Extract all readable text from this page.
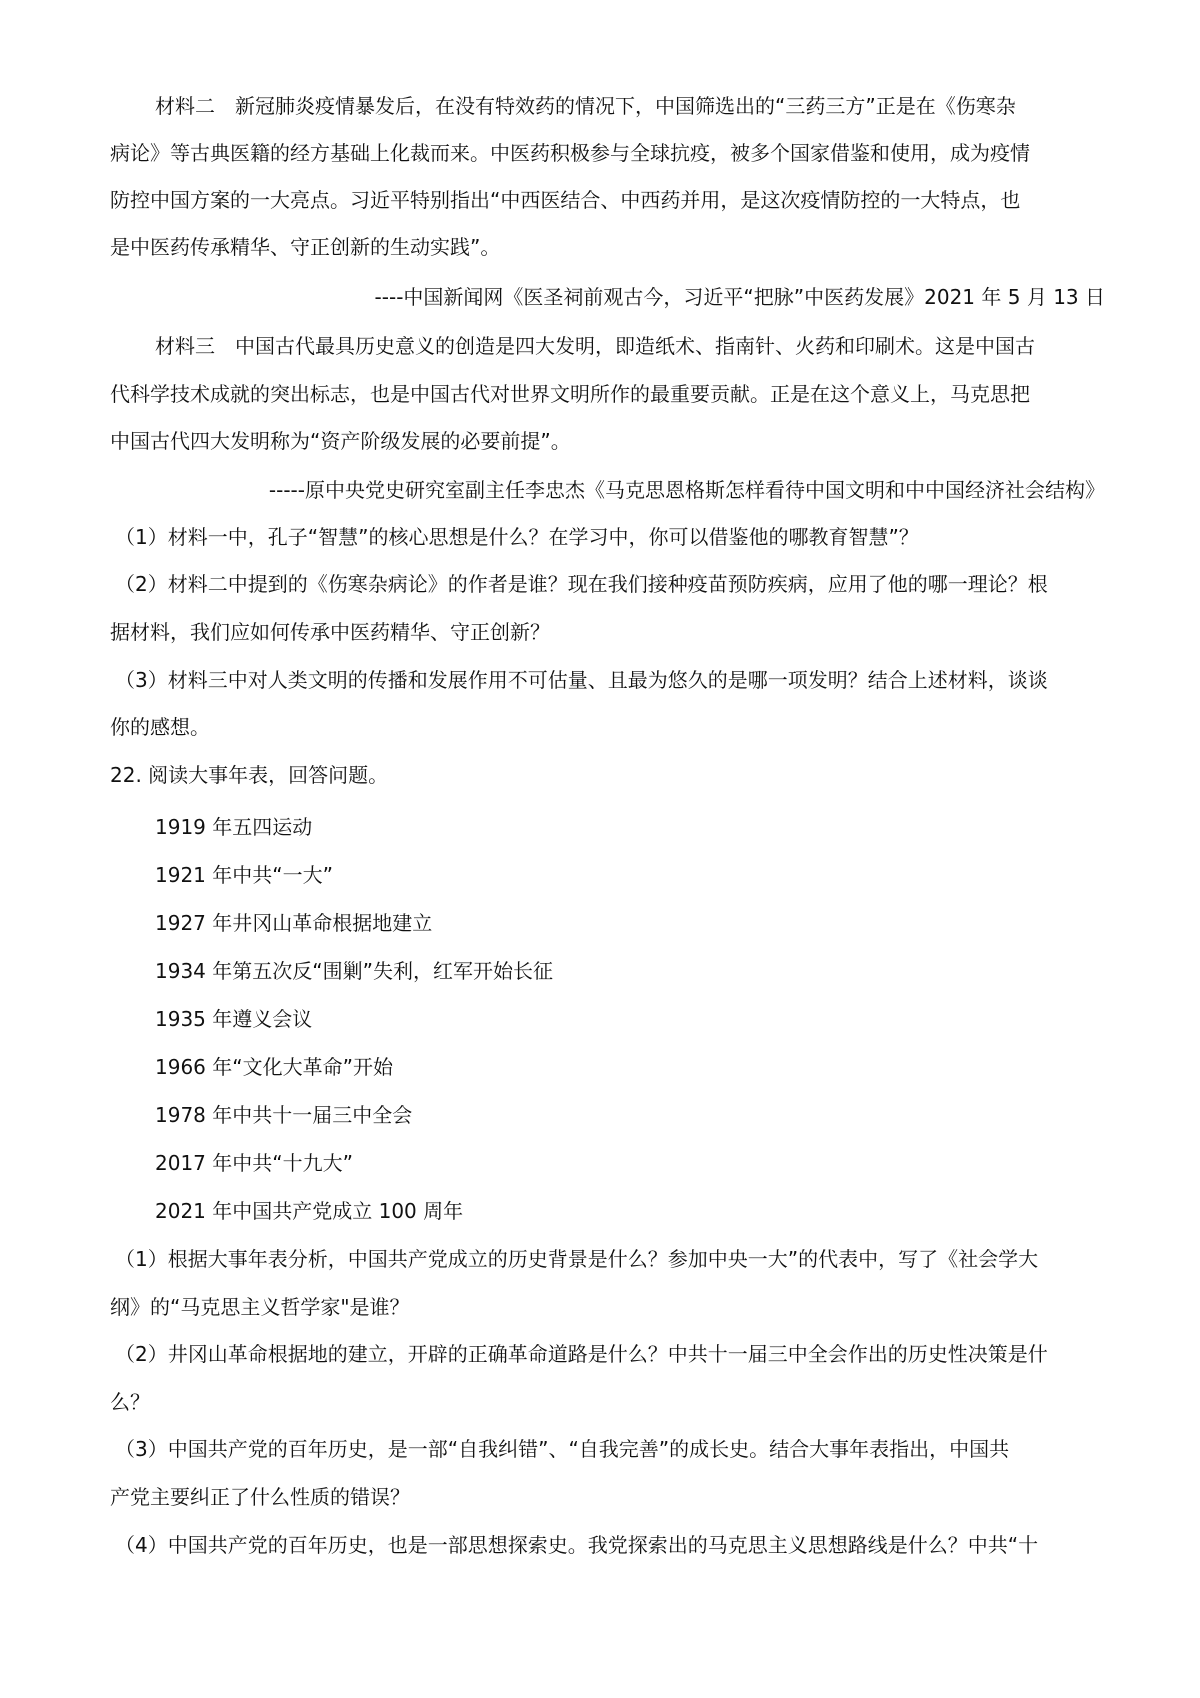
材料二　新冠肺炎疫情暴发后，在没有特效药的情况下，中国筛选出的“三药三方”正是在《伤寒杂
病论》等古典医籍的经方基础上化裁而来。中医药积极参与全球抗疫，被多个国家借鉴和使用，成为疫情
防控中国方案的一大亮点。习近平特别指出“中西医结合、中西药并用，是这次疫情防控的一大特点，也
是中医药传承精华、守正创新的生动实践”。
----中国新闻网《医圣祠前观古今，习近平“把脉”中医药发展》2021 年 5 月 13 日
材料三　中国古代最具历史意义的创造是四大发明，即造纸术、指南针、火药和印刷术。这是中国古
代科学技术成就的突出标志，也是中国古代对世界文明所作的最重要贡献。正是在这个意义上，马克思把
中国古代四大发明称为“资产阶级发展的必要前提”。
-----原中央党史研究室副主任李忠杰《马克思恩格斯怎样看待中国文明和中中国经济社会结构》
（1）材料一中，孔子“智慧”的核心思想是什么？在学习中，你可以借鉴他的哪教育智慧”？
（2）材料二中提到的《伤寒杂病论》的作者是谁？现在我们接种疫苗预防疾病，应用了他的哪一理论？根
据材料，我们应如何传承中医药精华、守正创新？
（3）材料三中对人类文明的传播和发展作用不可估量、且最为悠久的是哪一项发明？结合上述材料，谈谈
你的感想。
22. 阅读大事年表，回答问题。
1919 年五四运动
1921 年中共“一大”
1927 年井冈山革命根据地建立
1934 年第五次反“围剿”失利，红军开始长征
1935 年遵义会议
1966 年“文化大革命”开始
1978 年中共十一届三中全会
2017 年中共“十九大”
2021 年中国共产党成立 100 周年
（1）根据大事年表分析，中国共产党成立的历史背景是什么？参加中央一大”的代表中，写了《社会学大
纲》的“马克思主义哲学家"是谁？
（2）井冈山革命根据地的建立，开辟的正确革命道路是什么？中共十一届三中全会作出的历史性决策是什
么？
（3）中国共产党的百年历史，是一部“自我纠错”、“自我完善”的成长史。结合大事年表指出，中国共
产党主要纠正了什么性质的错误？
（4）中国共产党的百年历史，也是一部思想探索史。我党探索出的马克思主义思想路线是什么？中共“十
